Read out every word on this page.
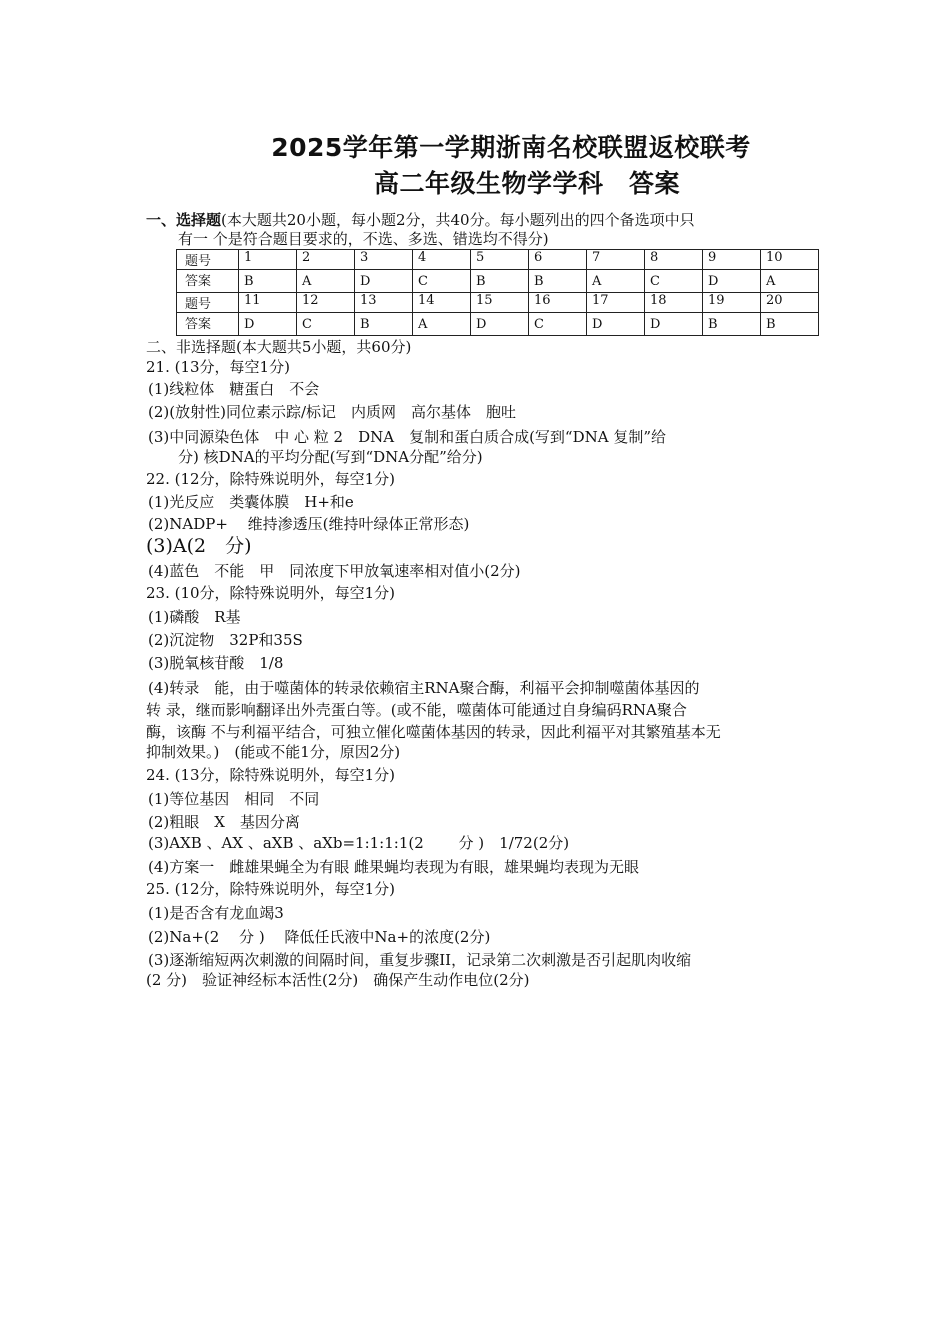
2025学年第一学期浙南名校联盟返校联考
高二年级生物学学科　答案
一、选择题(本大题共20小题，每小题2分，共40分。每小题列出的四个备选项中只
有一 个是符合题目要求的，不选、多选、错选均不得分)
题号	1	2	3	4	5	6	7	8	9	10
答案	B	A	D	C	B	B	A	C	D	A
题号	11	12	13	14	15	16	17	18	19	20
答案	D	C	B	A	D	C	D	D	B	B
二、非选择题(本大题共5小题，共60分)
21. (13分，每空1分)
(1)线粒体　糖蛋白　不会
(2)(放射性)同位素示踪/标记　内质网　高尔基体　胞吐
(3)中同源染色体　中 心 粒 2　DNA　复制和蛋白质合成(写到“DNA 复制”给
　　分) 核DNA的平均分配(写到“DNA分配”给分)
22. (12分，除特殊说明外，每空1分)
(1)光反应　类囊体膜　H+和e
(2)NADP+　 维持渗透压(维持叶绿体正常形态)
(3)A(2　分)
(4)蓝色　不能　甲　同浓度下甲放氧速率相对值小(2分)
23. (10分，除特殊说明外，每空1分)
(1)磷酸　R基
(2)沉淀物　32P和35S
(3)脱氧核苷酸　1/8
(4)转录　能，由于噬菌体的转录依赖宿主RNA聚合酶，利福平会抑制噬菌体基因的
转 录，继而影响翻译出外壳蛋白等。(或不能，噬菌体可能通过自身编码RNA聚合
酶，该酶 不与利福平结合，可独立催化噬菌体基因的转录，因此利福平对其繁殖基本无
抑制效果。)　(能或不能1分，原因2分)
24. (13分，除特殊说明外，每空1分)
(1)等位基因　相同　不同
(2)粗眼　X　基因分离
(3)AXB 、AX 、aXB 、aXb=1:1:1:1(2　　 分 )　1/72(2分)
(4)方案一　雌雄果蝇全为有眼 雌果蝇均表现为有眼，雄果蝇均表现为无眼
25. (12分，除特殊说明外，每空1分)
(1)是否含有龙血竭3
(2)Na+(2　 分 )　 降低任氏液中Na+的浓度(2分)
(3)逐渐缩短两次刺激的间隔时间，重复步骤II，记录第二次刺激是否引起肌肉收缩
(2 分)　验证神经标本活性(2分)　确保产生动作电位(2分)
